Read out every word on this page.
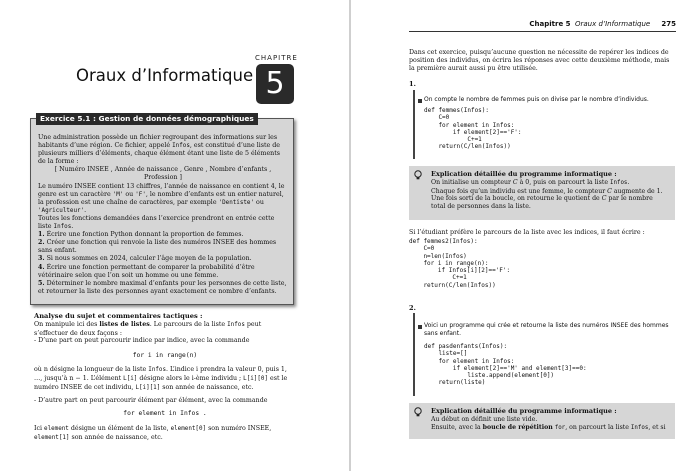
CHAPITRE
5
Oraux d’Informatique
Exercice 5.1 : Gestion de données démographiques

Une administration possède un fichier regroupant des informations sur les habitants d’une région. Ce fichier, appelé Infos, est constitué d’une liste de plusieurs milliers d’éléments, chaque élément étant une liste de 5 éléments de la forme :

[ Numéro INSEE , Année de naissance , Genre , Nombre d’enfants , Profession ]

Le numéro INSEE contient 13 chiffres, l’année de naissance en contient 4, le genre est un caractère 'M' ou 'F', le nombre d’enfants est un entier naturel, la profession est une chaîne de caractères, par exemple 'Dentiste' ou 'Agriculteur'.

Toutes les fonctions demandées dans l’exercice prendront en entrée cette liste Infos.

1. Écrire une fonction Python donnant la proportion de femmes.

2. Créer une fonction qui renvoie la liste des numéros INSEE des hommes sans enfant.

3. Si nous sommes en 2024, calculer l’âge moyen de la population.

4. Écrire une fonction permettant de comparer la probabilité d’être vétérinaire selon que l’on soit un homme ou une femme.

5. Déterminer le nombre maximal d’enfants pour les personnes de cette liste, et retourner la liste des personnes ayant exactement ce nombre d’enfants.

Analyse du sujet et commentaires tactiques :

On manipule ici des listes de listes. Le parcours de la liste Infos peut s’effectuer de deux façons :

- D’une part on peut parcourir indice par indice, avec la commande

for i in range(n)

où n désigne la longueur de la liste Infos. L’indice i prendra la valeur 0, puis 1, …, jusqu’à n − 1. L’élément L[i] désigne alors le i-ème individu ; L[i][0] est le numéro INSEE de cet individu, L[i][1] son année de naissance, etc.

- D’autre part on peut parcourir élément par élément, avec la commande

for element in Infos .

Ici element désigne un élément de la liste, element[0] son numéro INSEE, element[1] son année de naissance, etc.

Chapitre 5 Oraux d’Informatique 275

Dans cet exercice, puisqu’aucune question ne nécessite de repérer les indices de position des individus, on écrira les réponses avec cette deuxième méthode, mais la première aurait aussi pu être utilisée.

1.

On compte le nombre de femmes puis on divise par le nombre d’individus.

def femmes(Infos):
C=0
for element in Infos:
if element[2]=='F':
C+=1
return(C/len(Infos))
Explication détaillée du programme informatique :

On initialise un compteur C à 0, puis on parcourt la liste Infos.

Chaque fois qu’un individu est une femme, le compteur C augmente de 1.

Une fois sorti de la boucle, on retourne le quotient de C par le nombre total de personnes dans la liste.

Si l’étudiant préfère le parcours de la liste avec les indices, il faut écrire :

def femmes2(Infos):
C=0
n=len(Infos)
for i in range(n):
if Infos[i][2]=='F':
C+=1
return(C/len(Infos))
2.

Voici un programme qui crée et retourne la liste des numéros INSEE des hommes sans enfant.

def pasdenfants(Infos):
liste=[]
for element in Infos:
if element[2]=='M' and element[3]==0:
liste.append(element[0])
return(liste)
Explication détaillée du programme informatique :

Au début on définit une liste vide.

Ensuite, avec la boucle de répétition for, on parcourt la liste Infos, et si
